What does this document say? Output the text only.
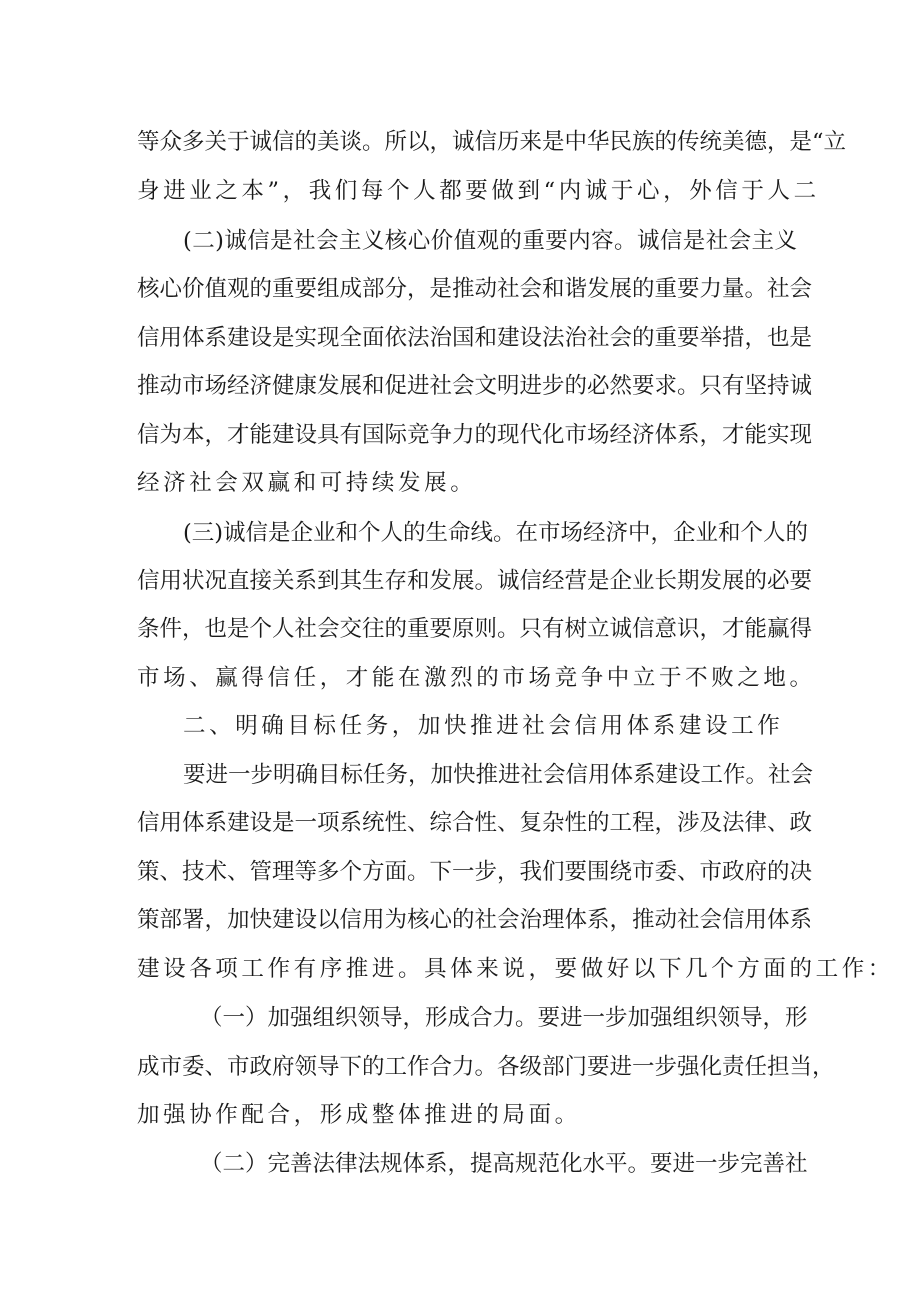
等众多关于诚信的美谈。所以，诚信历来是中华民族的传统美德，是“立
身进业之本”，我们每个人都要做到“内诚于心，外信于人二
(二)诚信是社会主义核心价值观的重要内容。诚信是社会主义
核心价值观的重要组成部分，是推动社会和谐发展的重要力量。社会
信用体系建设是实现全面依法治国和建设法治社会的重要举措，也是
推动市场经济健康发展和促进社会文明进步的必然要求。只有坚持诚
信为本，才能建设具有国际竞争力的现代化市场经济体系，才能实现
经济社会双赢和可持续发展。
(三)诚信是企业和个人的生命线。在市场经济中，企业和个人的
信用状况直接关系到其生存和发展。诚信经营是企业长期发展的必要
条件，也是个人社会交往的重要原则。只有树立诚信意识，才能赢得
市场、赢得信任，才能在激烈的市场竞争中立于不败之地。
二、明确目标任务，加快推进社会信用体系建设工作
要进一步明确目标任务，加快推进社会信用体系建设工作。社会
信用体系建设是一项系统性、综合性、复杂性的工程，涉及法律、政
策、技术、管理等多个方面。下一步，我们要围绕市委、市政府的决
策部署，加快建设以信用为核心的社会治理体系，推动社会信用体系
建设各项工作有序推进。具体来说，要做好以下几个方面的工作：
（一）加强组织领导，形成合力。要进一步加强组织领导，形
成市委、市政府领导下的工作合力。各级部门要进一步强化责任担当，
加强协作配合，形成整体推进的局面。
（二）完善法律法规体系，提高规范化水平。要进一步完善社
